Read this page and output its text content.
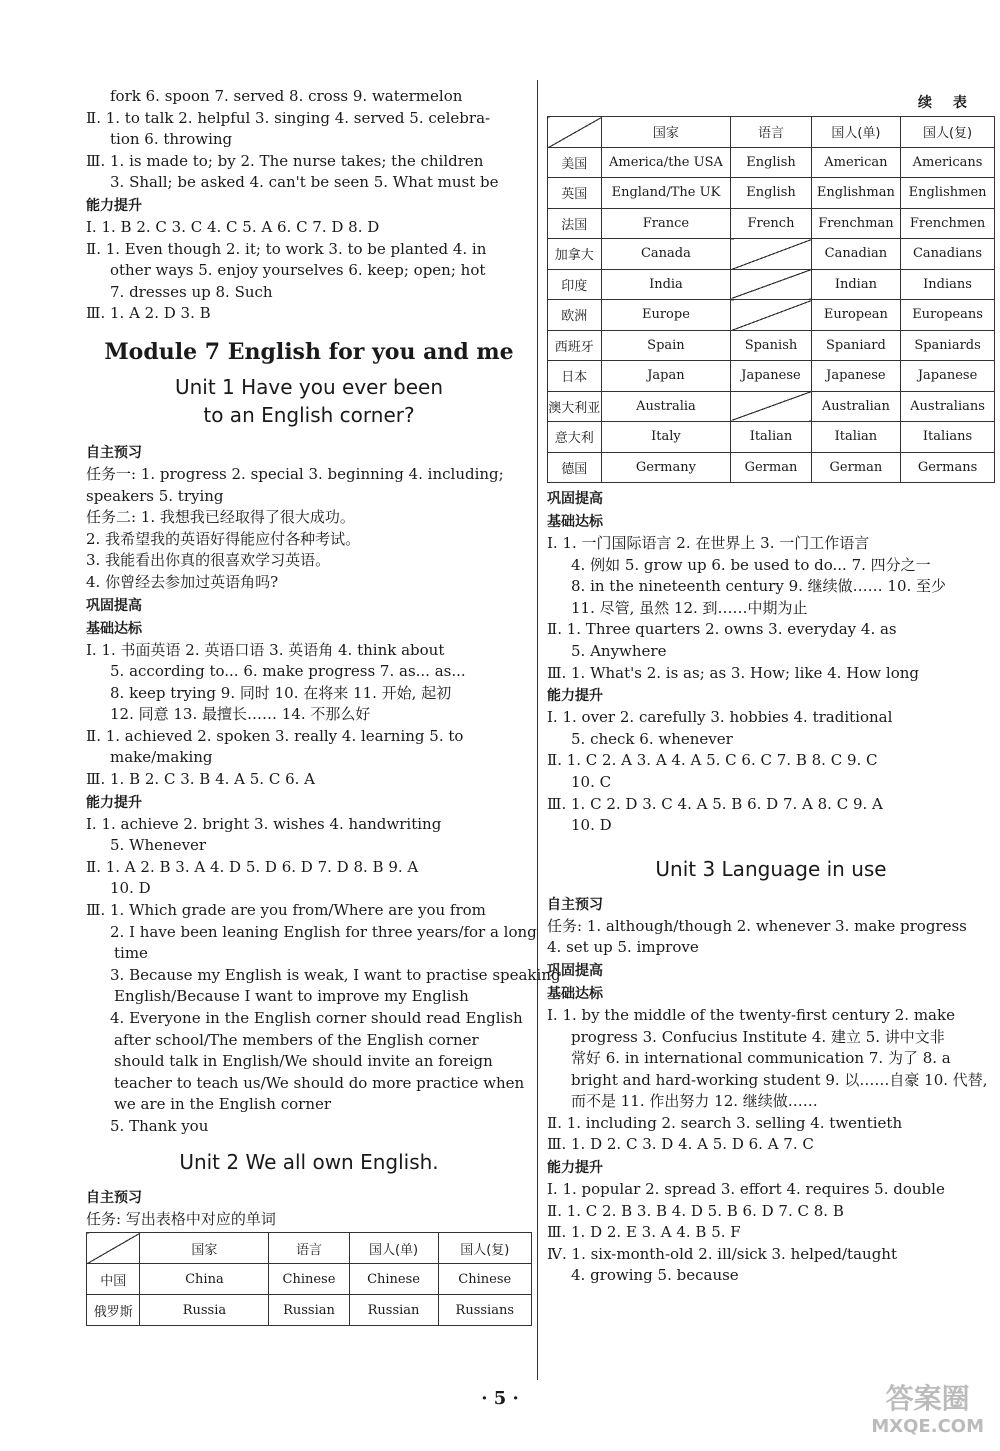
续 表
fork 6. spoon 7. served 8. cross 9. watermelon
Ⅱ. 1. to talk 2. helpful 3. singing 4. served 5. celebra-
tion 6. throwing
Ⅲ. 1. is made to; by 2. The nurse takes; the children
3. Shall; be asked 4. can't be seen 5. What must be
能力提升
Ⅰ. 1. B 2. C 3. C 4. C 5. A 6. C 7. D 8. D
Ⅱ. 1. Even though 2. it; to work 3. to be planted 4. in
other ways 5. enjoy yourselves 6. keep; open; hot
7. dresses up 8. Such
Ⅲ. 1. A 2. D 3. B
Module 7 English for you and me
Unit 1 Have you ever been
to an English corner?
自主预习
任务一: 1. progress 2. special 3. beginning 4. including;
speakers 5. trying
任务二: 1. 我想我已经取得了很大成功。
2. 我希望我的英语好得能应付各种考试。
3. 我能看出你真的很喜欢学习英语。
4. 你曾经去参加过英语角吗?
巩固提高
基础达标
Ⅰ. 1. 书面英语 2. 英语口语 3. 英语角 4. think about
5. according to... 6. make progress 7. as... as...
8. keep trying 9. 同时 10. 在将来 11. 开始, 起初
12. 同意 13. 最擅长…… 14. 不那么好
Ⅱ. 1. achieved 2. spoken 3. really 4. learning 5. to
make/making
Ⅲ. 1. B 2. C 3. B 4. A 5. C 6. A
能力提升
Ⅰ. 1. achieve 2. bright 3. wishes 4. handwriting
5. Whenever
Ⅱ. 1. A 2. B 3. A 4. D 5. D 6. D 7. D 8. B 9. A
10. D
Ⅲ. 1. Which grade are you from/Where are you from
2. I have been leaning English for three years/for a long
time
3. Because my English is weak, I want to practise speaking
English/Because I want to improve my English
4. Everyone in the English corner should read English
after school/The members of the English corner
should talk in English/We should invite an foreign
teacher to teach us/We should do more practice when
we are in the English corner
5. Thank you
Unit 2 We all own English.
自主预习
任务: 写出表格中对应的单词
	国家	语言	国人(单)	国人(复)
中国	China	Chinese	Chinese	Chinese
俄罗斯	Russia	Russian	Russian	Russians
	国家	语言	国人(单)	国人(复)
美国	America/the USA	English	American	Americans
英国	England/The UK	English	Englishman	Englishmen
法国	France	French	Frenchman	Frenchmen
加拿大	Canada		Canadian	Canadians
印度	India		Indian	Indians
欧洲	Europe		European	Europeans
西班牙	Spain	Spanish	Spaniard	Spaniards
日本	Japan	Japanese	Japanese	Japanese
澳大利亚	Australia		Australian	Australians
意大利	Italy	Italian	Italian	Italians
德国	Germany	German	German	Germans
巩固提高
基础达标
Ⅰ. 1. 一门国际语言 2. 在世界上 3. 一门工作语言
4. 例如 5. grow up 6. be used to do... 7. 四分之一
8. in the nineteenth century 9. 继续做…… 10. 至少
11. 尽管, 虽然 12. 到……中期为止
Ⅱ. 1. Three quarters 2. owns 3. everyday 4. as
5. Anywhere
Ⅲ. 1. What's 2. is as; as 3. How; like 4. How long
能力提升
Ⅰ. 1. over 2. carefully 3. hobbies 4. traditional
5. check 6. whenever
Ⅱ. 1. C 2. A 3. A 4. A 5. C 6. C 7. B 8. C 9. C
10. C
Ⅲ. 1. C 2. D 3. C 4. A 5. B 6. D 7. A 8. C 9. A
10. D
Unit 3 Language in use
自主预习
任务: 1. although/though 2. whenever 3. make progress
4. set up 5. improve
巩固提高
基础达标
Ⅰ. 1. by the middle of the twenty-first century 2. make
progress 3. Confucius Institute 4. 建立 5. 讲中文非
常好 6. in international communication 7. 为了 8. a
bright and hard-working student 9. 以……自豪 10. 代替,
而不是 11. 作出努力 12. 继续做……
Ⅱ. 1. including 2. search 3. selling 4. twentieth
Ⅲ. 1. D 2. C 3. D 4. A 5. D 6. A 7. C
能力提升
Ⅰ. 1. popular 2. spread 3. effort 4. requires 5. double
Ⅱ. 1. C 2. B 3. B 4. D 5. B 6. D 7. C 8. B
Ⅲ. 1. D 2. E 3. A 4. B 5. F
Ⅳ. 1. six-month-old 2. ill/sick 3. helped/taught
4. growing 5. because
· 5 ·	答案圈
MXQE.COM
